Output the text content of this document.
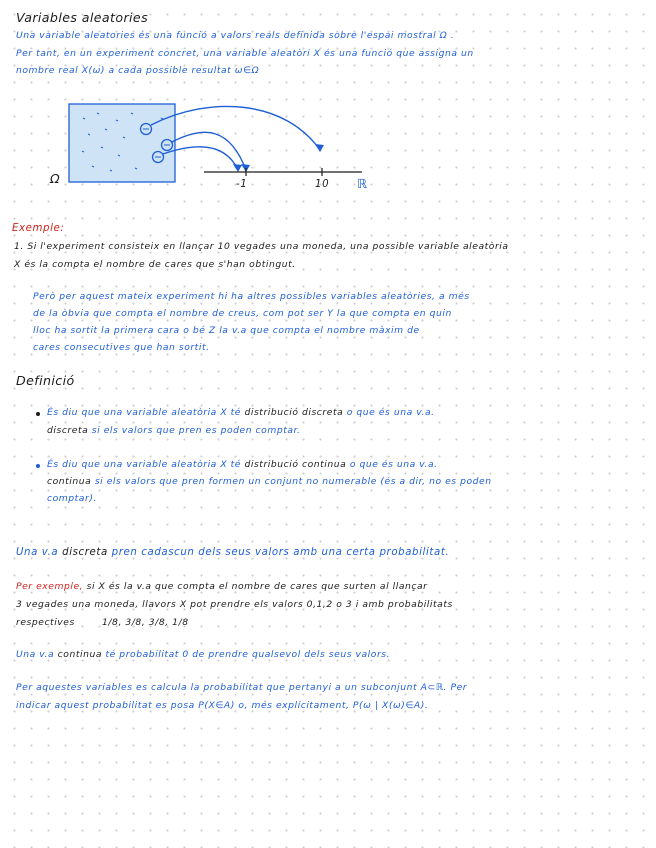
Variables aleatories
Una variable aleatories és una funció a valors reals definida sobre l'espai mostral Ω .
Per tant, en un experiment concret, una variable aleatòri X és una funció que assigna un
nombre real X(ω) a cada possible resultat ω∈Ω
Ω	-1	10 ℝ
Exemple:
1. Si l'experiment consisteix en llançar 10 vegades una moneda, una possible variable aleatòria
X és la compta el nombre de cares que s'han obtingut.
Però per aquest mateix experiment hi ha altres possibles variables aleatòries, a més
de la òbvia que compta el nombre de creus, com pot ser Y la que compta en quin
lloc ha sortit la primera cara o bé Z la v.a que compta el nombre màxim de
cares consecutives que han sortit.
Definició
És diu que una variable aleatòria X té distribució discreta o que és una v.a.
discreta si els valors que pren es poden comptar.
És diu que una variable aleatòria X té distribució continua o que és una v.a.
continua si els valors que pren formen un conjunt no numerable (és a dir, no es poden
comptar).
Una v.a discreta pren cadascun dels seus valors amb una certa probabilitat.
Per exemple, si X és la v.a que compta el nombre de cares que surten al llançar
3 vegades una moneda, llavors X pot prendre els valors 0,1,2 o 3 i amb probabilitats
respectives	1/8, 3/8, 3/8, 1/8
Una v.a continua té probabilitat 0 de prendre qualsevol dels seus valors.
Per aquestes variables es calcula la probabilitat que pertanyi a un subconjunt A⊂ℝ. Per
indicar aquest probabilitat es posa P(X∈A) o, més explícitament, P(ω | X(ω)∈A).
